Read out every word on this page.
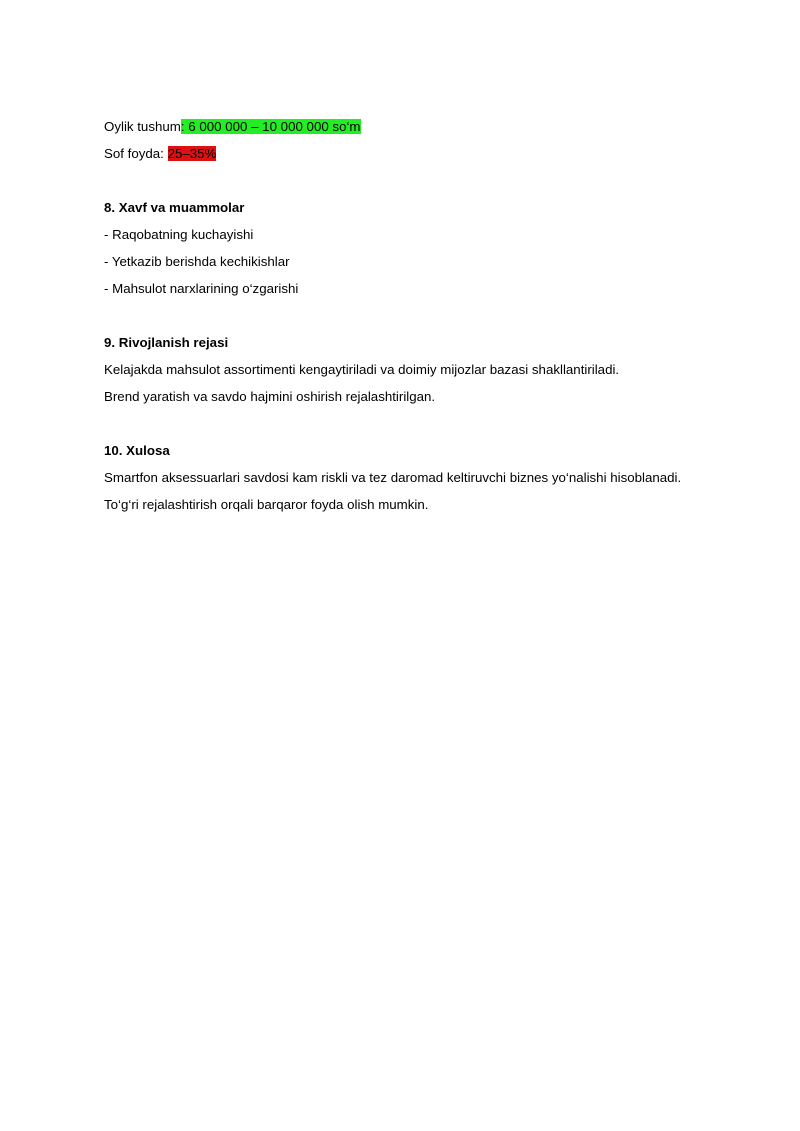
Oylik tushum: 6 000 000 – 10 000 000 so‘m
Sof foyda: 25–35%
8. Xavf va muammolar
- Raqobatning kuchayishi
- Yetkazib berishda kechikishlar
- Mahsulot narxlarining o‘zgarishi
9. Rivojlanish rejasi
Kelajakda mahsulot assortimenti kengaytiriladi va doimiy mijozlar bazasi shakllantiriladi.
Brend yaratish va savdo hajmini oshirish rejalashtirilgan.
10. Xulosa
Smartfon aksessuarlari savdosi kam riskli va tez daromad keltiruvchi biznes yo‘nalishi hisoblanadi.
To‘g‘ri rejalashtirish orqali barqaror foyda olish mumkin.
